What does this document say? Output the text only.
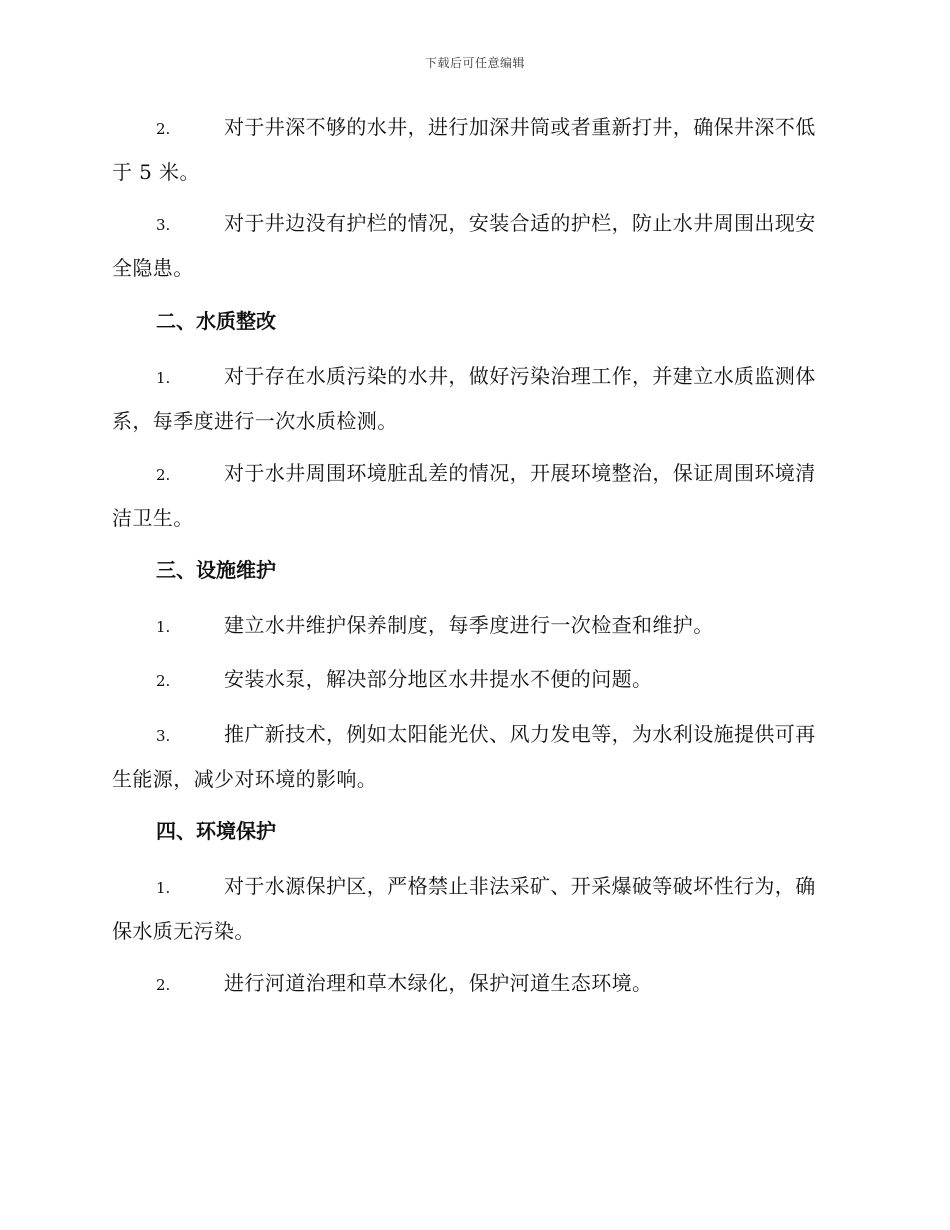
下载后可任意编辑
2.	对于井深不够的水井，进行加深井筒或者重新打井，确保井深不低于 5 米。
3.	对于井边没有护栏的情况，安装合适的护栏，防止水井周围出现安全隐患。
二、水质整改
1.	对于存在水质污染的水井，做好污染治理工作，并建立水质监测体系，每季度进行一次水质检测。
2.	对于水井周围环境脏乱差的情况，开展环境整治，保证周围环境清洁卫生。
三、设施维护
1.	建立水井维护保养制度，每季度进行一次检查和维护。
2.	安装水泵，解决部分地区水井提水不便的问题。
3.	推广新技术，例如太阳能光伏、风力发电等，为水利设施提供可再生能源，减少对环境的影响。
四、环境保护
1.	对于水源保护区，严格禁止非法采矿、开采爆破等破坏性行为，确保水质无污染。
2.	进行河道治理和草木绿化，保护河道生态环境。
